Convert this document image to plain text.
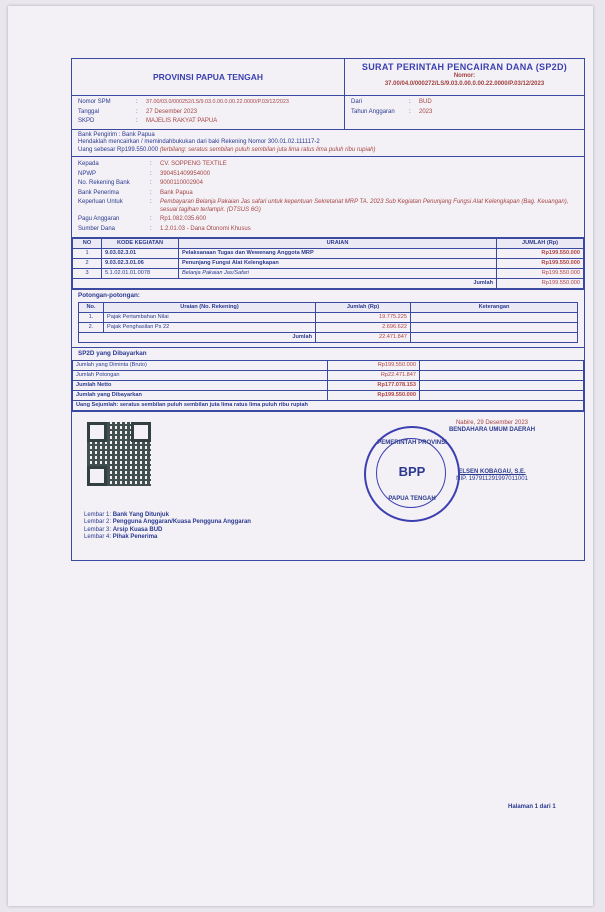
PROVINSI PAPUA TENGAH
SURAT PERINTAH PENCAIRAN DANA (SP2D)
Nomor:
37.00/04.0/000272/LS/9.03.0.00.0.00.22.0000/P.03/12/2023
Nomor SPM	:	37.00/03.0/000252/LS/9.03.0.00.0.00.22.0000/P.03/12/2023
Tanggal	:	27 Desember 2023
SKPD	:	MAJELIS RAKYAT PAPUA
Dari	:	BUD
Tahun Anggaran	:	2023
Bank Pengirim : Bank Papua
Hendaklah mencairkan / memindahbukukan dari baki Rekening Nomor 300.01.02.111117-2
Uang sebesar Rp199.550.000 (terbilang: seratus sembilan puluh sembilan juta lima ratus lima puluh ribu rupiah)
Kepada	:	CV. SOPPENG TEXTILE
NPWP	:	390451409954000
No. Rekening Bank	:	9000110002904
Bank Penerima	:	Bank Papua
Keperluan Untuk	:	Pembayaran Belanja Pakaian Jas safari untuk kepentuan Sekretariat MRP TA. 2023 Sub Kegiatan Penunjang Fungsi Alat Kelengkapan (Bag. Keuangan), sesuai tagihan terlampir. (DTSUS 6G)
Pagu Anggaran	:	Rp1.082.035.600
Sumber Dana	:	1.2.01.03 - Dana Otonomi Khusus
NO	KODE KEGIATAN	URAIAN	JUMLAH (Rp)
1	9.03.02.3.01	Pelaksanaan Tugas dan Wewenang Anggota MRP	Rp199.550.000
2	9.03.02.3.01.06	Penunjang Fungsi Alat Kelengkapan	Rp199.550.000
3	5.1.02.01.01.0078	Belanja Pakaian Jas/Safari	Rp199.550.000
Jumlah			Rp199.550.000
Potongan-potongan:
No.	Uraian (No. Rekening)	Jumlah (Rp)	Keterangan
1.	Pajak Pertambahan Nilai	19.775.225	
2.	Pajak Penghasilan Ps 22	2.696.622	
Jumlah		22.471.847	
SP2D yang Dibayarkan
Jumlah yang Diminta (Bruto)	Rp199.550.000	
Jumlah Potongan	Rp22.471.847	
Jumlah Netto	Rp177.078.153	
Jumlah yang Dibayarkan	Rp199.550.000	
Uang Sejumlah: seratus sembilan puluh sembilan juta lima ratus lima puluh ribu rupiah		
Nabire, 29 Desember 2023
BENDAHARA UMUM DAERAH
ELSEN KOBAGAU, S.E.
NIP. 197911291997011001
PEMERINTAH PROVINSI
BPP
PAPUA TENGAH
Lembar 1: Bank Yang Ditunjuk
Lembar 2: Pengguna Anggaran/Kuasa Pengguna Anggaran
Lembar 3: Arsip Kuasa BUD
Lembar 4: Pihak Penerima
Halaman 1 dari 1
